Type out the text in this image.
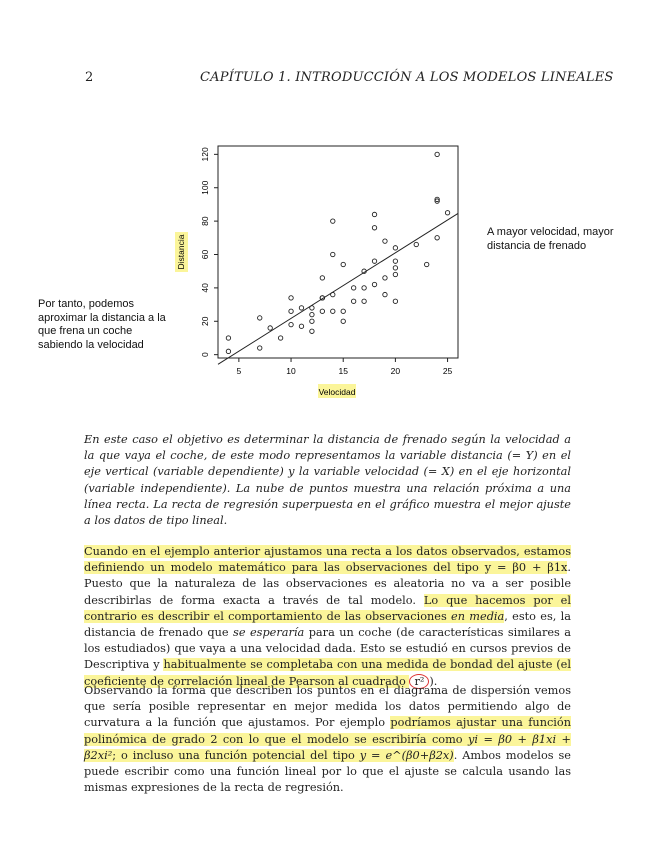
2	CAPÍTULO 1. INTRODUCCIÓN A LOS MODELOS LINEALES
5	10	15	20	25
0
20
40
60
80
100
120
Velocidad
Distancia
A mayor velocidad, mayor distancia de frenado
Por tanto, podemos aproximar la distancia a la que frena un coche sabiendo la velocidad
En este caso el objetivo es determinar la distancia de frenado según la velocidad a la que vaya el coche, de este modo representamos la variable distancia (= Y) en el eje vertical (variable dependiente) y la variable velocidad (= X) en el eje horizontal (variable independiente). La nube de puntos muestra una relación próxima a una línea recta. La recta de regresión superpuesta en el gráfico muestra el mejor ajuste a los datos de tipo lineal.
Cuando en el ejemplo anterior ajustamos una recta a los datos observados, estamos definiendo un modelo matemático para las observaciones del tipo y = β0 + β1x. Puesto que la naturaleza de las observaciones es aleatoria no va a ser posible describirlas de forma exacta a través de tal modelo. Lo que hacemos por el contrario es describir el comportamiento de las observaciones en media, esto es, la distancia de frenado que se esperaría para un coche (de características similares a los estudiados) que vaya a una velocidad dada. Esto se estudió en cursos previos de Descriptiva y habitualmente se completaba con una medida de bondad del ajuste (el coeficiente de correlación lineal de Pearson al cuadrado r² ).
Observando la forma que describen los puntos en el diagrama de dispersión vemos que sería posible representar en mejor medida los datos permitiendo algo de curvatura a la función que ajustamos. Por ejemplo podríamos ajustar una función polinómica de grado 2 con lo que el modelo se escribiría como yi = β0 + β1xi + β2xi²; o incluso una función potencial del tipo y = e^(β0+β2x). Ambos modelos se puede escribir como una función lineal por lo que el ajuste se calcula usando las mismas expresiones de la recta de regresión.
